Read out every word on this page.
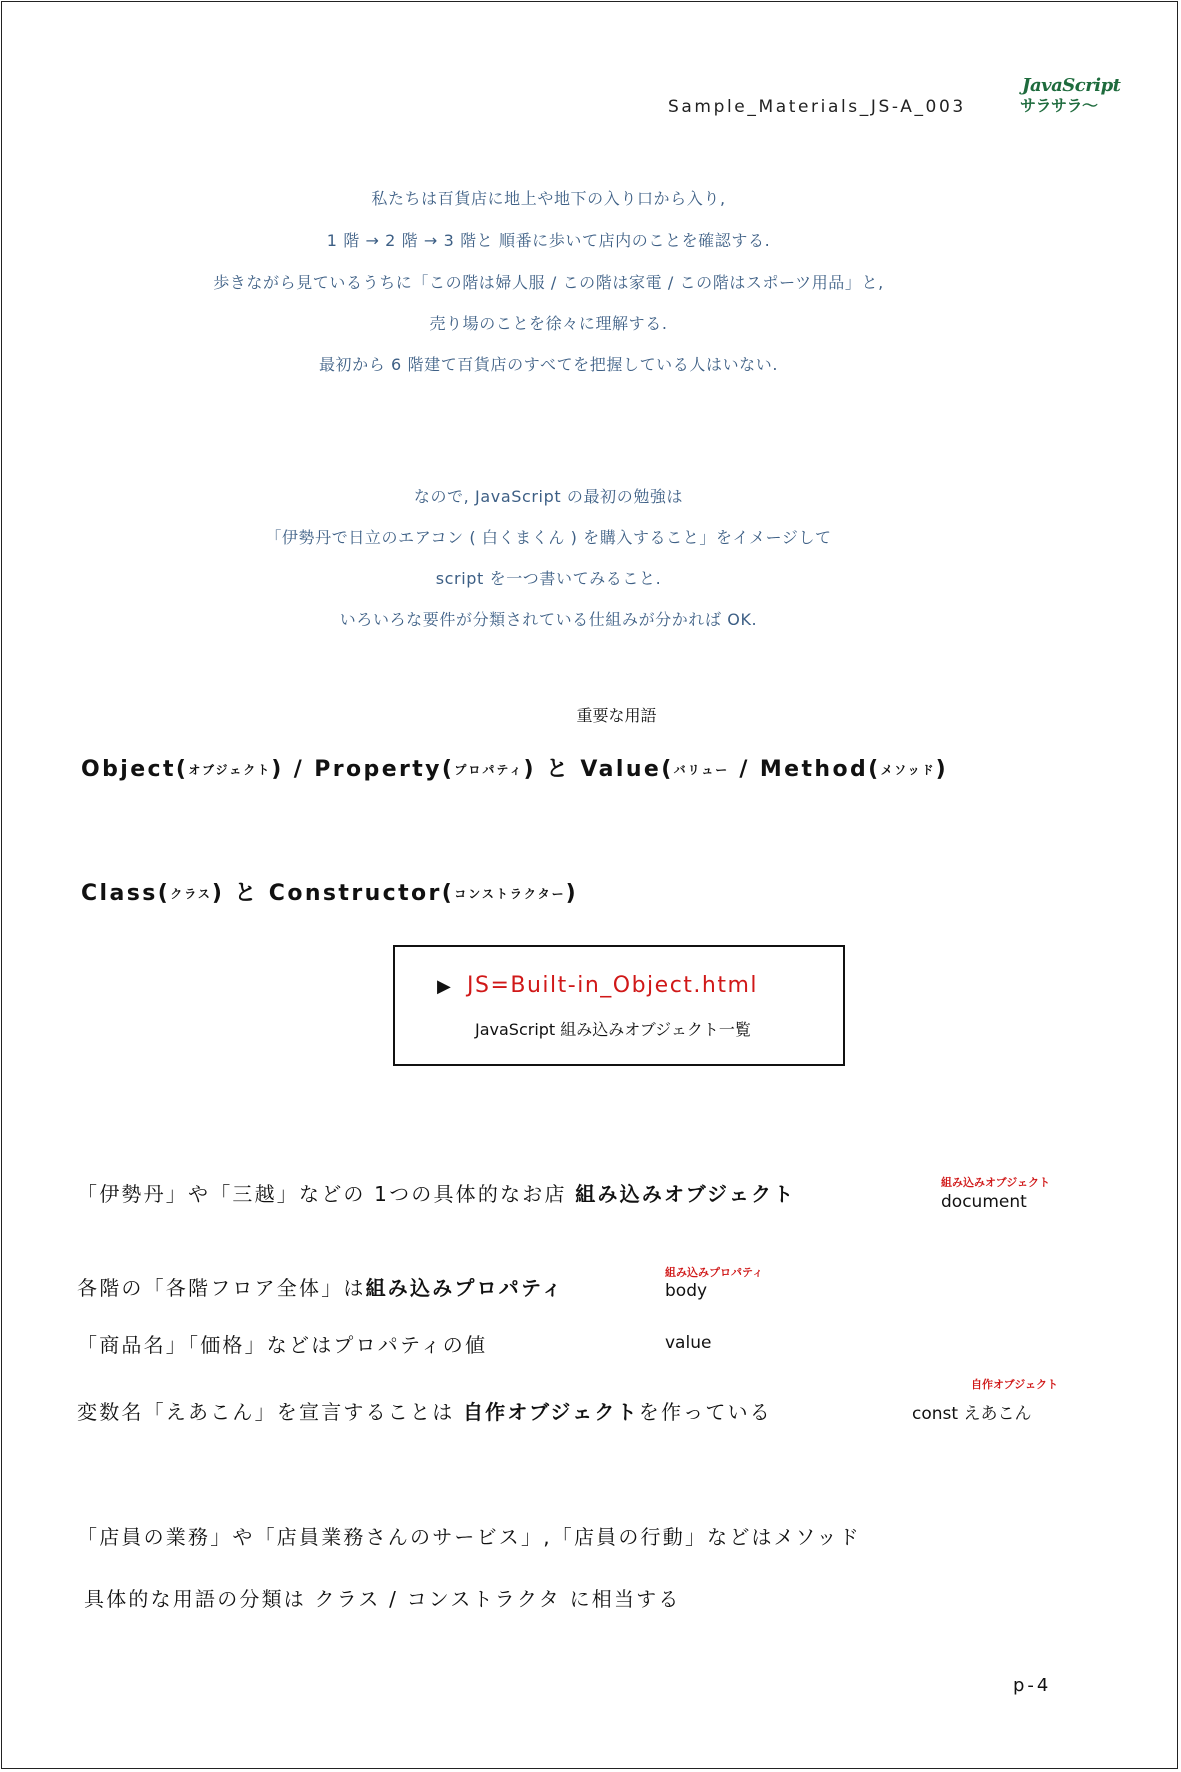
Sample_Materials_JS-A_003
JavaScript
サラサラ〜
私たちは百貨店に地上や地下の入り口から入り,
1 階 → 2 階 → 3 階と 順番に歩いて店内のことを確認する.
歩きながら見ているうちに「この階は婦人服 / この階は家電 / この階はスポーツ用品」と,
売り場のことを徐々に理解する.
最初から 6 階建て百貨店のすべてを把握している人はいない.
なので, JavaScript の最初の勉強は
「伊勢丹で日立のエアコン ( 白くまくん ) を購入すること」をイメージして
script を一つ書いてみること.
いろいろな要件が分類されている仕組みが分かれば OK.
重要な用語
Object(オブジェクト) / Property(プロパティ) と Value(バリュー / Method(メソッド)
Class(クラス) と Constructor(コンストラクター)
▶ JS=Built-in_Object.html
JavaScript 組み込みオブジェクト一覧
「伊勢丹」や「三越」などの 1つの具体的なお店 組み込みオブジェクト	組み込みオブジェクト
document
各階の「各階フロア全体」は組み込みプロパティ
組み込みプロパティ
body
「商品名」「価格」などはプロパティの値	value
変数名「えあこん」を宣言することは 自作オブジェクトを作っている
自作オブジェクト
const えあこん
「店員の業務」や「店員業務さんのサービス」,「店員の行動」などはメソッド
具体的な用語の分類は クラス / コンストラクタ に相当する
p-4
